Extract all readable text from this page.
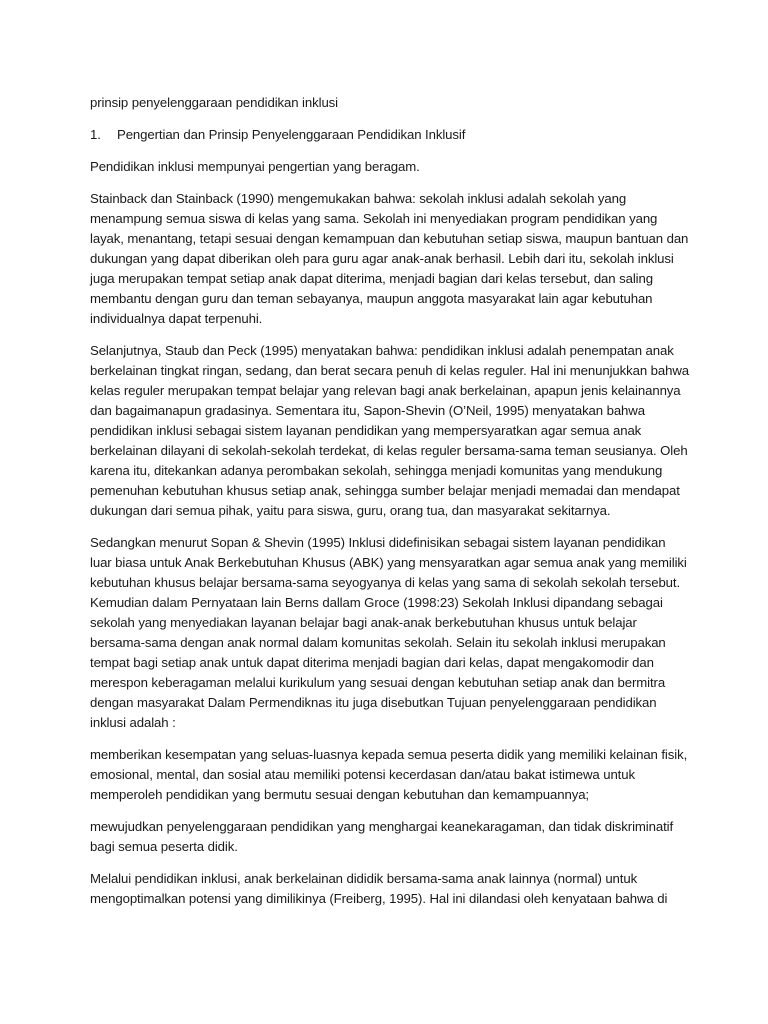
prinsip penyelenggaraan pendidikan inklusi

1.	Pengertian dan Prinsip Penyelenggaraan Pendidikan Inklusif

Pendidikan inklusi mempunyai pengertian yang beragam.

Stainback dan Stainback (1990) mengemukakan bahwa: sekolah inklusi adalah sekolah yang menampung semua siswa di kelas yang sama. Sekolah ini menyediakan program pendidikan yang layak, menantang, tetapi sesuai dengan kemampuan dan kebutuhan setiap siswa, maupun bantuan dan dukungan yang dapat diberikan oleh para guru agar anak-anak berhasil. Lebih dari itu, sekolah inklusi juga merupakan tempat setiap anak dapat diterima, menjadi bagian dari kelas tersebut, dan saling membantu dengan guru dan teman sebayanya, maupun anggota masyarakat lain agar kebutuhan individualnya dapat terpenuhi.

Selanjutnya, Staub dan Peck (1995) menyatakan bahwa: pendidikan inklusi adalah penempatan anak berkelainan tingkat ringan, sedang, dan berat secara penuh di kelas reguler. Hal ini menunjukkan bahwa kelas reguler merupakan tempat belajar yang relevan bagi anak berkelainan, apapun jenis kelainannya dan bagaimanapun gradasinya. Sementara itu, Sapon-Shevin (O’Neil, 1995) menyatakan bahwa pendidikan inklusi sebagai sistem layanan pendidikan yang mempersyaratkan agar semua anak berkelainan dilayani di sekolah-sekolah terdekat, di kelas reguler bersama-sama teman seusianya. Oleh karena itu, ditekankan adanya perombakan sekolah, sehingga menjadi komunitas yang mendukung pemenuhan kebutuhan khusus setiap anak, sehingga sumber belajar menjadi memadai dan mendapat dukungan dari semua pihak, yaitu para siswa, guru, orang tua, dan masyarakat sekitarnya.

Sedangkan menurut Sopan & Shevin (1995) Inklusi didefinisikan sebagai sistem layanan pendidikan luar biasa untuk Anak Berkebutuhan Khusus (ABK) yang mensyaratkan agar semua anak yang memiliki kebutuhan khusus belajar bersama-sama seyogyanya di kelas yang sama di sekolah sekolah tersebut. Kemudian dalam Pernyataan lain Berns dallam Groce (1998:23) Sekolah Inklusi dipandang sebagai sekolah yang menyediakan layanan belajar bagi anak-anak berkebutuhan khusus untuk belajar bersama-sama dengan anak normal dalam komunitas sekolah. Selain itu sekolah inklusi merupakan tempat bagi setiap anak untuk dapat diterima menjadi bagian dari kelas, dapat mengakomodir dan merespon keberagaman melalui kurikulum yang sesuai dengan kebutuhan setiap anak dan bermitra dengan masyarakat Dalam Permendiknas itu juga disebutkan Tujuan penyelenggaraan pendidikan inklusi adalah :

memberikan kesempatan yang seluas-luasnya kepada semua peserta didik yang memiliki kelainan fisik, emosional, mental, dan sosial atau memiliki potensi kecerdasan dan/atau bakat istimewa untuk memperoleh pendidikan yang bermutu sesuai dengan kebutuhan dan kemampuannya;

mewujudkan penyelenggaraan pendidikan yang menghargai keanekaragaman, dan tidak diskriminatif bagi semua peserta didik.

Melalui pendidikan inklusi, anak berkelainan dididik bersama-sama anak lainnya (normal) untuk mengoptimalkan potensi yang dimilikinya (Freiberg, 1995). Hal ini dilandasi oleh kenyataan bahwa di
